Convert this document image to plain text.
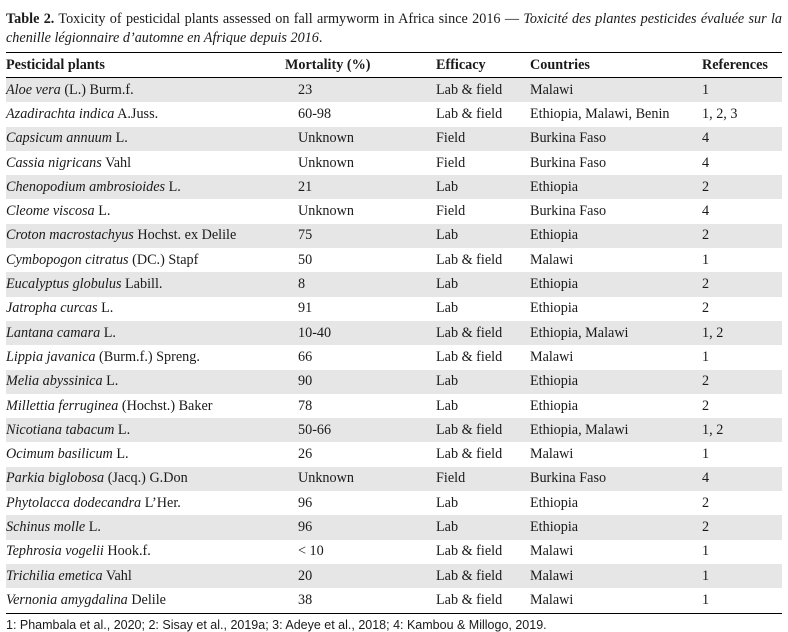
Table 2. Toxicity of pesticidal plants assessed on fall armyworm in Africa since 2016 — Toxicité des plantes pesticides évaluée sur la chenille légionnaire d’automne en Afrique depuis 2016.

Pesticidal plants	Mortality (%)	Efficacy	Countries	References
Aloe vera (L.) Burm.f.	23	Lab & field	Malawi	1
Azadirachta indica A.Juss.	60-98	Lab & field	Ethiopia, Malawi, Benin	1, 2, 3
Capsicum annuum L.	Unknown	Field	Burkina Faso	4
Cassia nigricans Vahl	Unknown	Field	Burkina Faso	4
Chenopodium ambrosioides L.	21	Lab	Ethiopia	2
Cleome viscosa L.	Unknown	Field	Burkina Faso	4
Croton macrostachyus Hochst. ex Delile	75	Lab	Ethiopia	2
Cymbopogon citratus (DC.) Stapf	50	Lab & field	Malawi	1
Eucalyptus globulus Labill.	8	Lab	Ethiopia	2
Jatropha curcas L.	91	Lab	Ethiopia	2
Lantana camara L.	10-40	Lab & field	Ethiopia, Malawi	1, 2
Lippia javanica (Burm.f.) Spreng.	66	Lab & field	Malawi	1
Melia abyssinica L.	90	Lab	Ethiopia	2
Millettia ferruginea (Hochst.) Baker	78	Lab	Ethiopia	2
Nicotiana tabacum L.	50-66	Lab & field	Ethiopia, Malawi	1, 2
Ocimum basilicum L.	26	Lab & field	Malawi	1
Parkia biglobosa (Jacq.) G.Don	Unknown	Field	Burkina Faso	4
Phytolacca dodecandra L’Her.	96	Lab	Ethiopia	2
Schinus molle L.	96	Lab	Ethiopia	2
Tephrosia vogelii Hook.f.	< 10	Lab & field	Malawi	1
Trichilia emetica Vahl	20	Lab & field	Malawi	1
Vernonia amygdalina Delile	38	Lab & field	Malawi	1
1: Phambala et al., 2020; 2: Sisay et al., 2019a; 3: Adeye et al., 2018; 4: Kambou & Millogo, 2019.
